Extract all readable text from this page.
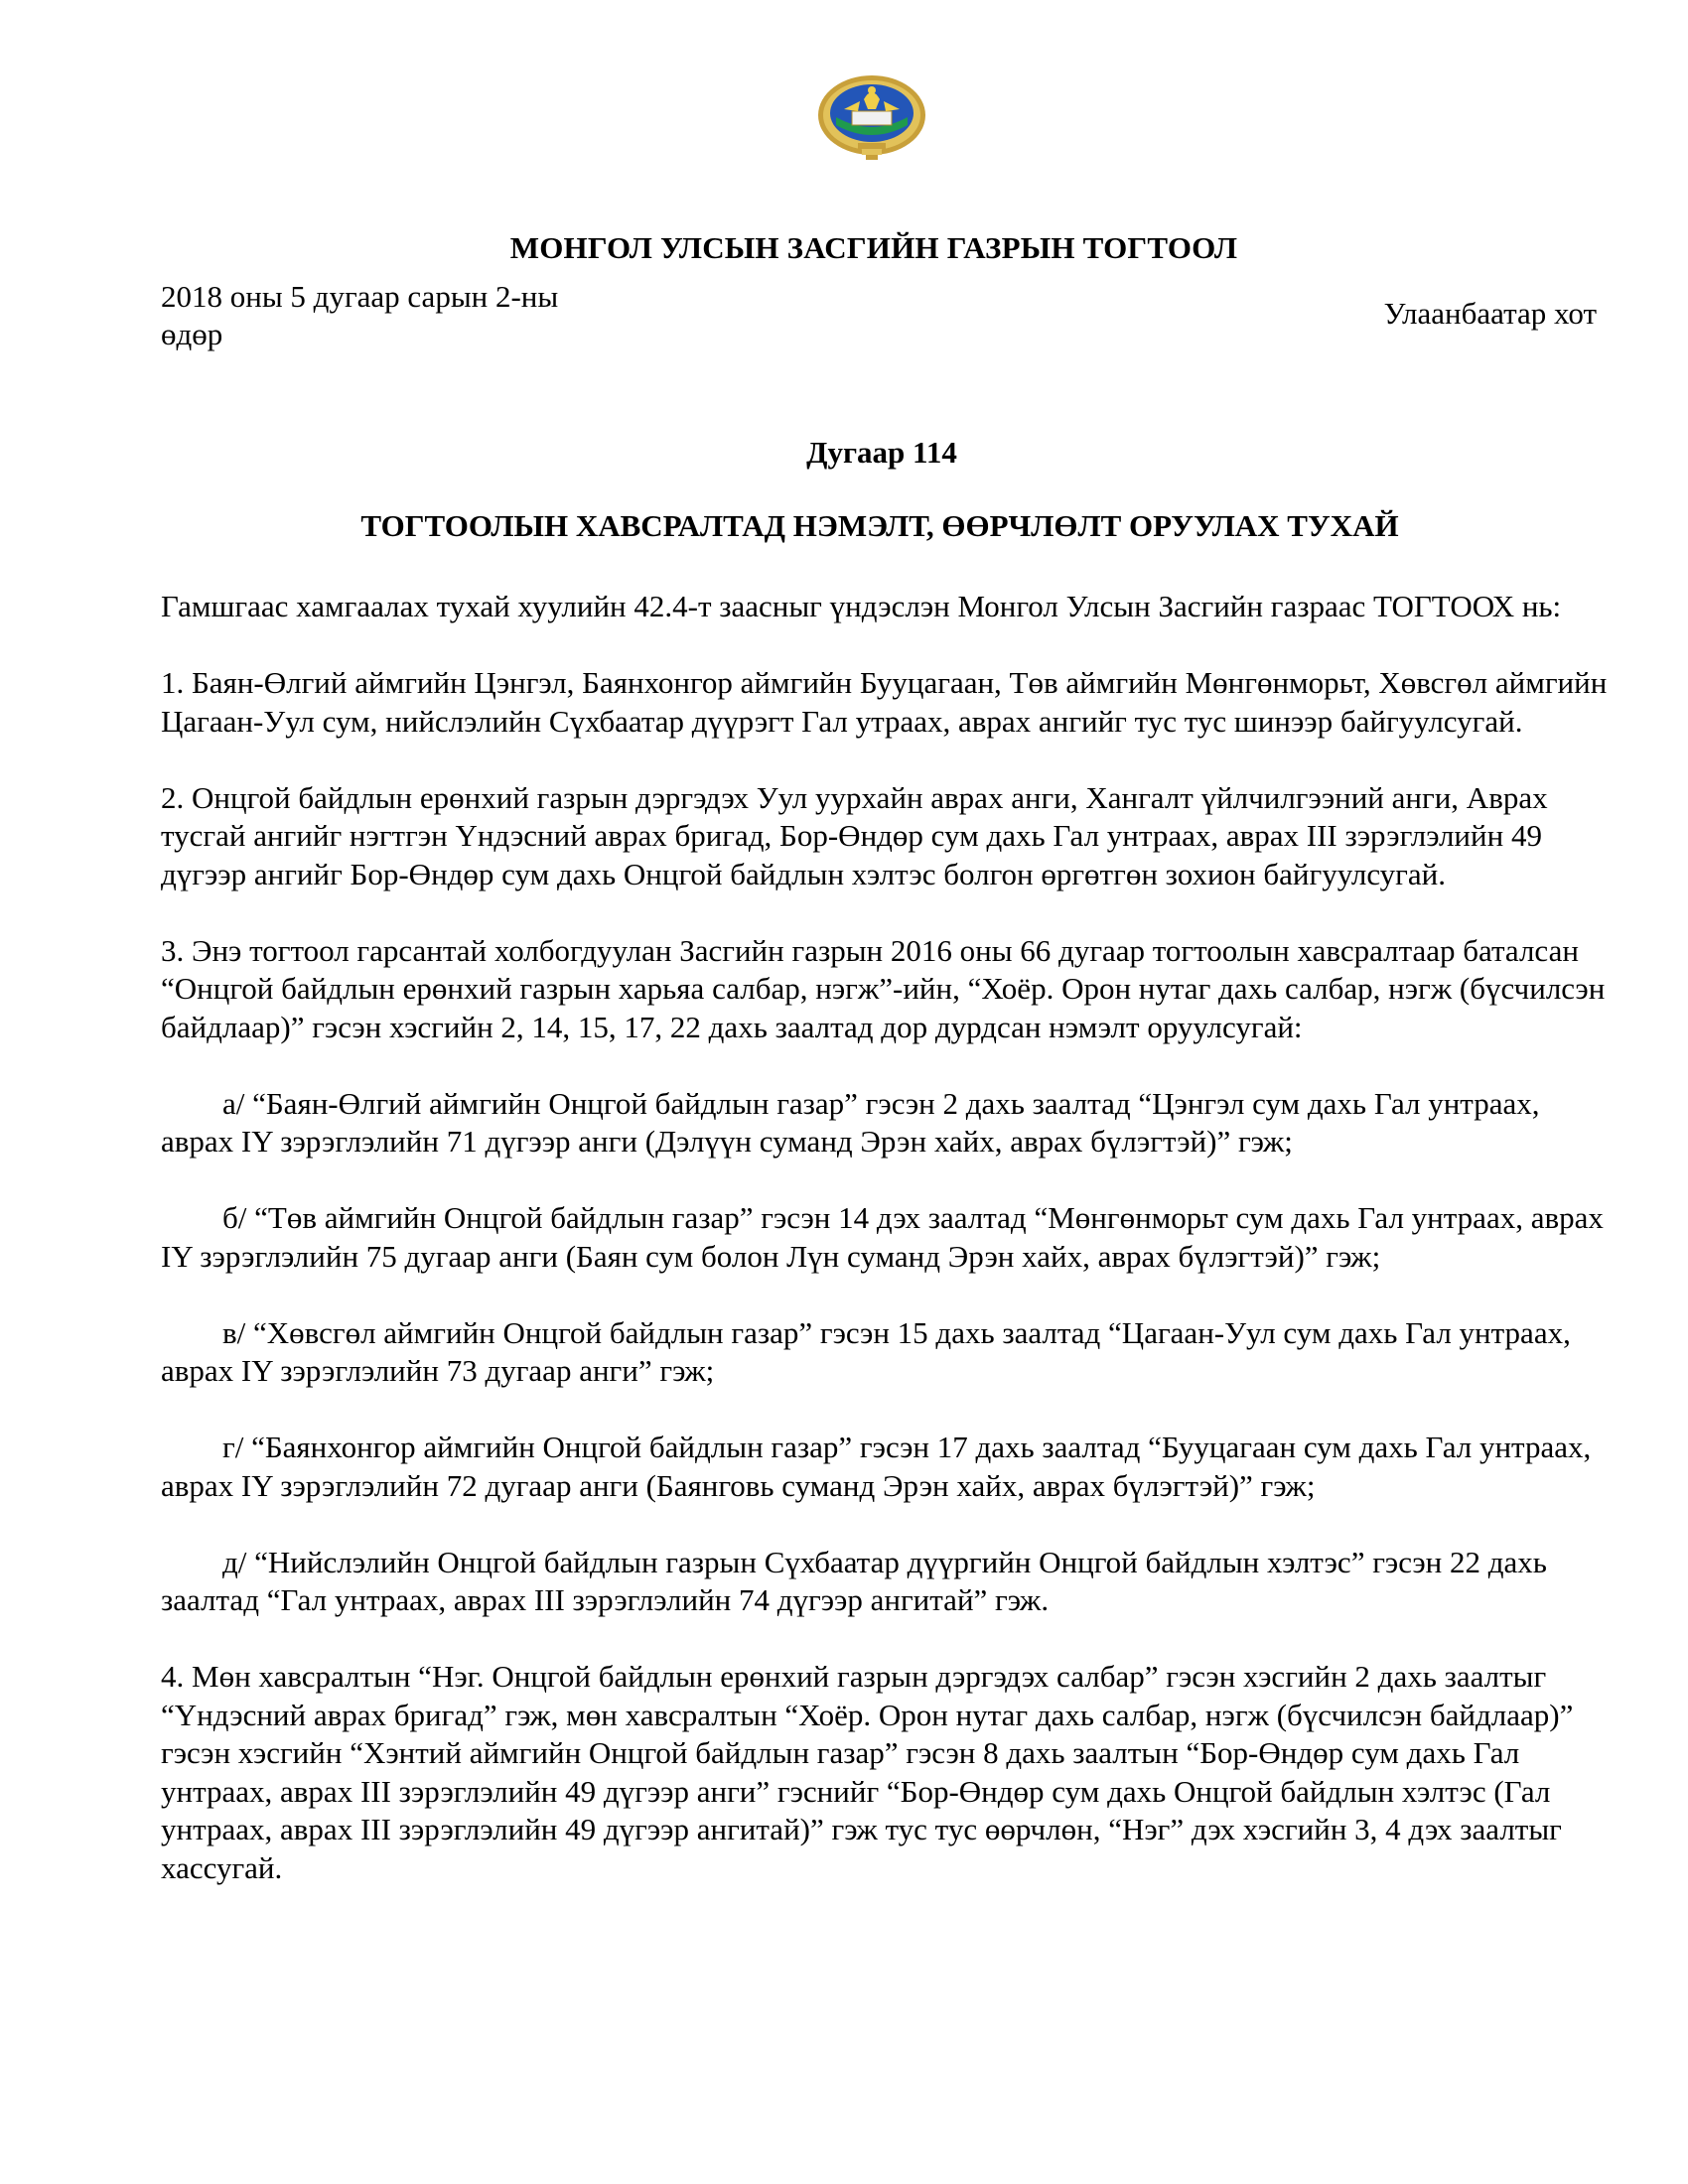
МОНГОЛ УЛСЫН ЗАСГИЙН ГАЗРЫН ТОГТООЛ
2018 оны 5 дугаар сарын 2-ны
өдөр
Улаанбаатар хот
Дугаар 114
ТОГТООЛЫН ХАВСРАЛТАД НЭМЭЛТ, ӨӨРЧЛӨЛТ ОРУУЛАХ ТУХАЙ

Гамшгаас хамгаалах тухай хуулийн 42.4-т заасныг үндэслэн Монгол Улсын Засгийн газраас ТОГТООХ нь:

1. Баян-Өлгий аймгийн Цэнгэл, Баянхонгор аймгийн Бууцагаан, Төв аймгийн Мөнгөнморьт, Хөвсгөл аймгийн Цагаан-Уул сум, нийслэлийн Сүхбаатар дүүрэгт Гал утраах, аврах ангийг тус тус шинээр байгуулсугай.

2. Онцгой байдлын ерөнхий газрын дэргэдэх Уул уурхайн аврах анги, Хангалт үйлчилгээний анги, Аврах тусгай ангийг нэгтгэн Үндэсний аврах бригад, Бор-Өндөр сум дахь Гал унтраах, аврах III зэрэглэлийн 49 дүгээр ангийг Бор-Өндөр сум дахь Онцгой байдлын хэлтэс болгон өргөтгөн зохион байгуулсугай.

3. Энэ тогтоол гарсантай холбогдуулан Засгийн газрын 2016 оны 66 дугаар тогтоолын хавсралтаар баталсан “Онцгой байдлын ерөнхий газрын харьяа салбар, нэгж”-ийн, “Хоёр. Орон нутаг дахь салбар, нэгж (бүсчилсэн байдлаар)” гэсэн хэсгийн 2, 14, 15, 17, 22 дахь заалтад дор дурдсан нэмэлт оруулсугай:

а/ “Баян-Өлгий аймгийн Онцгой байдлын газар” гэсэн 2 дахь заалтад “Цэнгэл сум дахь Гал унтраах, аврах IY зэрэглэлийн 71 дүгээр анги (Дэлүүн суманд Эрэн хайх, аврах бүлэгтэй)” гэж;

б/ “Төв аймгийн Онцгой байдлын газар” гэсэн 14 дэх заалтад “Мөнгөнморьт сум дахь Гал унтраах, аврах IY зэрэглэлийн 75 дугаар анги (Баян сум болон Лүн суманд Эрэн хайх, аврах бүлэгтэй)” гэж;

в/ “Хөвсгөл аймгийн Онцгой байдлын газар” гэсэн 15 дахь заалтад “Цагаан-Уул сум дахь Гал унтраах, аврах IY зэрэглэлийн 73 дугаар анги” гэж;

г/ “Баянхонгор аймгийн Онцгой байдлын газар” гэсэн 17 дахь заалтад “Бууцагаан сум дахь Гал унтраах, аврах IY зэрэглэлийн 72 дугаар анги (Баянговь суманд Эрэн хайх, аврах бүлэгтэй)” гэж;

д/ “Нийслэлийн Онцгой байдлын газрын Сүхбаатар дүүргийн Онцгой байдлын хэлтэс” гэсэн 22 дахь заалтад “Гал унтраах, аврах III зэрэглэлийн 74 дүгээр ангитай” гэж.

4. Мөн хавсралтын “Нэг. Онцгой байдлын ерөнхий газрын дэргэдэх салбар” гэсэн хэсгийн 2 дахь заалтыг “Үндэсний аврах бригад” гэж, мөн хавсралтын “Хоёр. Орон нутаг дахь салбар, нэгж (бүсчилсэн байдлаар)” гэсэн хэсгийн “Хэнтий аймгийн Онцгой байдлын газар” гэсэн 8 дахь заалтын “Бор-Өндөр сум дахь Гал унтраах, аврах III зэрэглэлийн 49 дүгээр анги” гэснийг “Бор-Өндөр сум дахь Онцгой байдлын хэлтэс (Гал унтраах, аврах III зэрэглэлийн 49 дүгээр ангитай)” гэж тус тус өөрчлөн, “Нэг” дэх хэсгийн 3, 4 дэх заалтыг хассугай.
